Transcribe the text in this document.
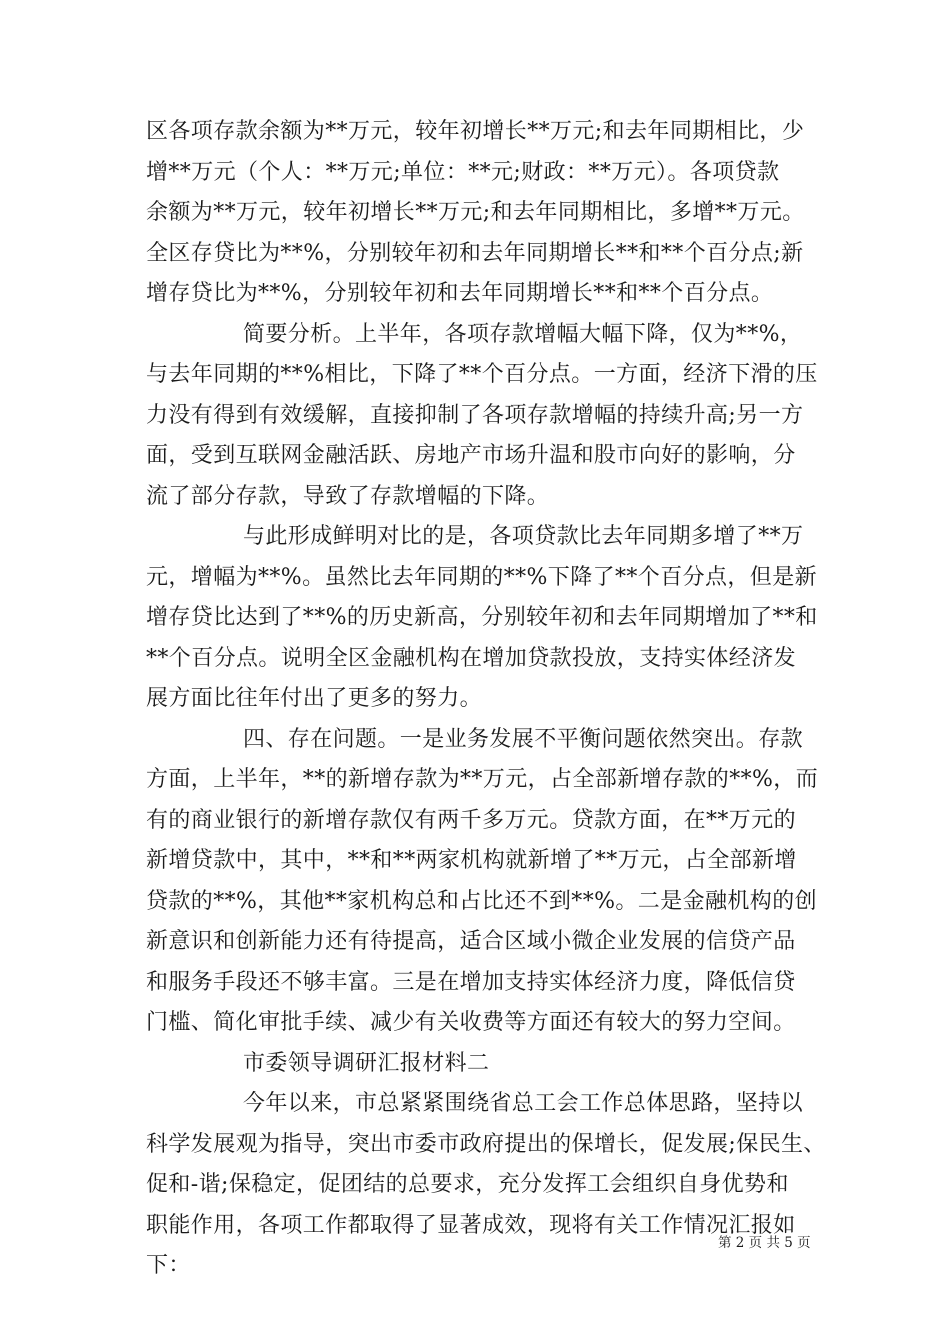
区各项存款余额为**万元，较年初增长**万元;和去年同期相比，少
增**万元（个人：**万元;单位：**元;财政：**万元）。各项贷款
余额为**万元，较年初增长**万元;和去年同期相比，多增**万元。
全区存贷比为**%，分别较年初和去年同期增长**和**个百分点;新
增存贷比为**%，分别较年初和去年同期增长**和**个百分点。
简要分析。上半年，各项存款增幅大幅下降，仅为**%，
与去年同期的**%相比，下降了**个百分点。一方面，经济下滑的压
力没有得到有效缓解，直接抑制了各项存款增幅的持续升高;另一方
面，受到互联网金融活跃、房地产市场升温和股市向好的影响，分
流了部分存款，导致了存款增幅的下降。
与此形成鲜明对比的是，各项贷款比去年同期多增了**万
元，增幅为**%。虽然比去年同期的**%下降了**个百分点，但是新
增存贷比达到了**%的历史新高，分别较年初和去年同期增加了**和
**个百分点。说明全区金融机构在增加贷款投放，支持实体经济发
展方面比往年付出了更多的努力。
四、存在问题。一是业务发展不平衡问题依然突出。存款
方面，上半年，**的新增存款为**万元，占全部新增存款的**%，而
有的商业银行的新增存款仅有两千多万元。贷款方面，在**万元的
新增贷款中，其中，**和**两家机构就新增了**万元，占全部新增
贷款的**%，其他**家机构总和占比还不到**%。二是金融机构的创
新意识和创新能力还有待提高，适合区域小微企业发展的信贷产品
和服务手段还不够丰富。三是在增加支持实体经济力度，降低信贷
门槛、简化审批手续、减少有关收费等方面还有较大的努力空间。
市委领导调研汇报材料二
今年以来，市总紧紧围绕省总工会工作总体思路，坚持以
科学发展观为指导，突出市委市政府提出的保增长，促发展;保民生、
促和-谐;保稳定，促团结的总要求，充分发挥工会组织自身优势和
职能作用，各项工作都取得了显著成效，现将有关工作情况汇报如
下：
第 2 页 共 5 页
